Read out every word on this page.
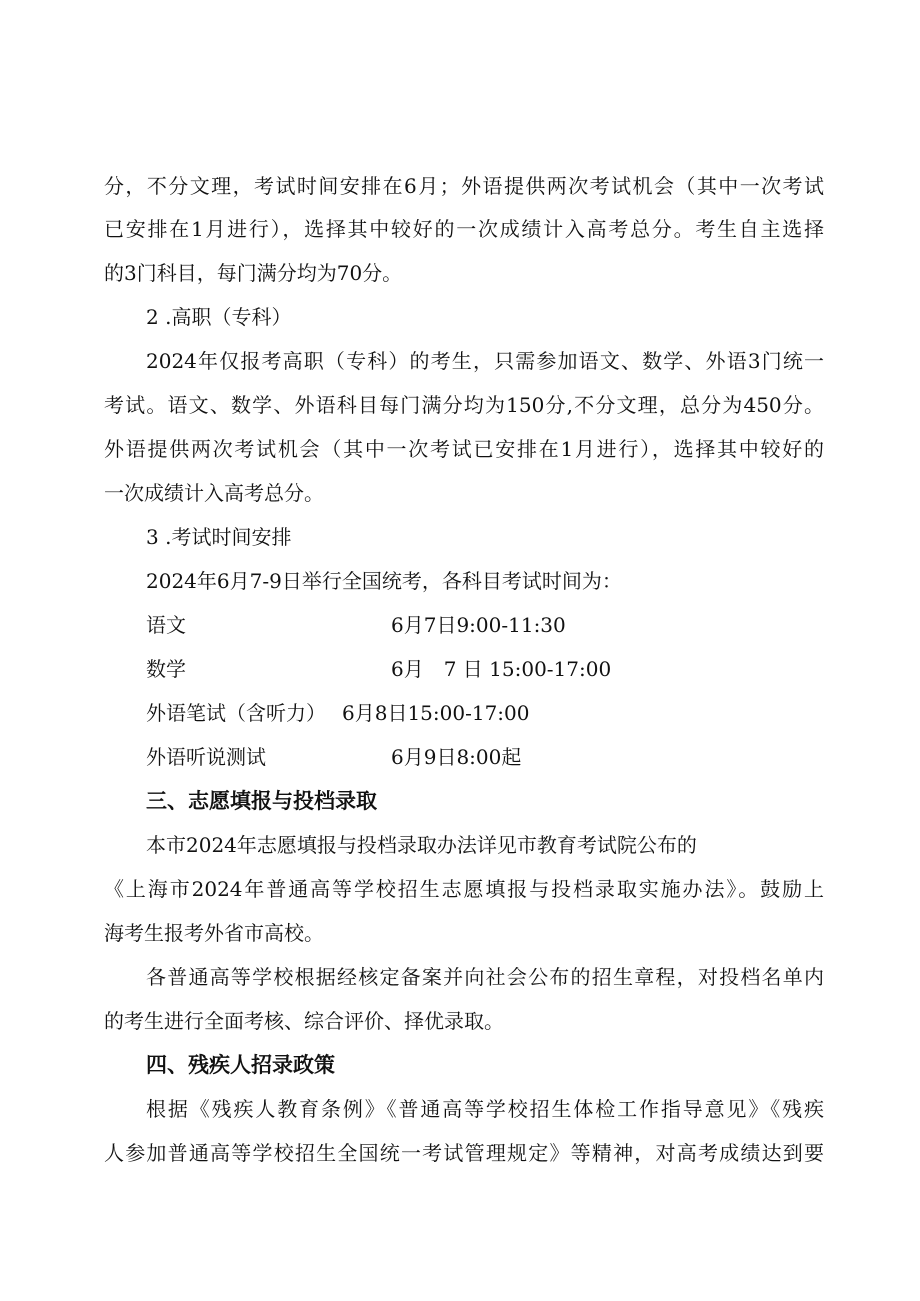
分，不分文理，考试时间安排在6月；外语提供两次考试机会（其中一次考试
已安排在1月进行），选择其中较好的一次成绩计入高考总分。考生自主选择
的3门科目，每门满分均为70分。
2 .高职（专科）
2024年仅报考高职（专科）的考生，只需参加语文、数学、外语3门统一
考试。语文、数学、外语科目每门满分均为150分,不分文理，总分为450分。
外语提供两次考试机会（其中一次考试已安排在1月进行），选择其中较好的
一次成绩计入高考总分。
3 .考试时间安排
2024年6月7-9日举行全国统考，各科目考试时间为：
语文	6月7日9:00-11:30
数学	6月　7 日 15:00-17:00
外语笔试（含听力） 6月8日15:00-17:00
外语听说测试	6月9日8:00起
三、志愿填报与投档录取
本市2024年志愿填报与投档录取办法详见市教育考试院公布的
《上海市2024年普通高等学校招生志愿填报与投档录取实施办法》。鼓励上
海考生报考外省市高校。
各普通高等学校根据经核定备案并向社会公布的招生章程，对投档名单内
的考生进行全面考核、综合评价、择优录取。
四、残疾人招录政策
根据《残疾人教育条例》《普通高等学校招生体检工作指导意见》《残疾
人参加普通高等学校招生全国统一考试管理规定》等精神，对高考成绩达到要
